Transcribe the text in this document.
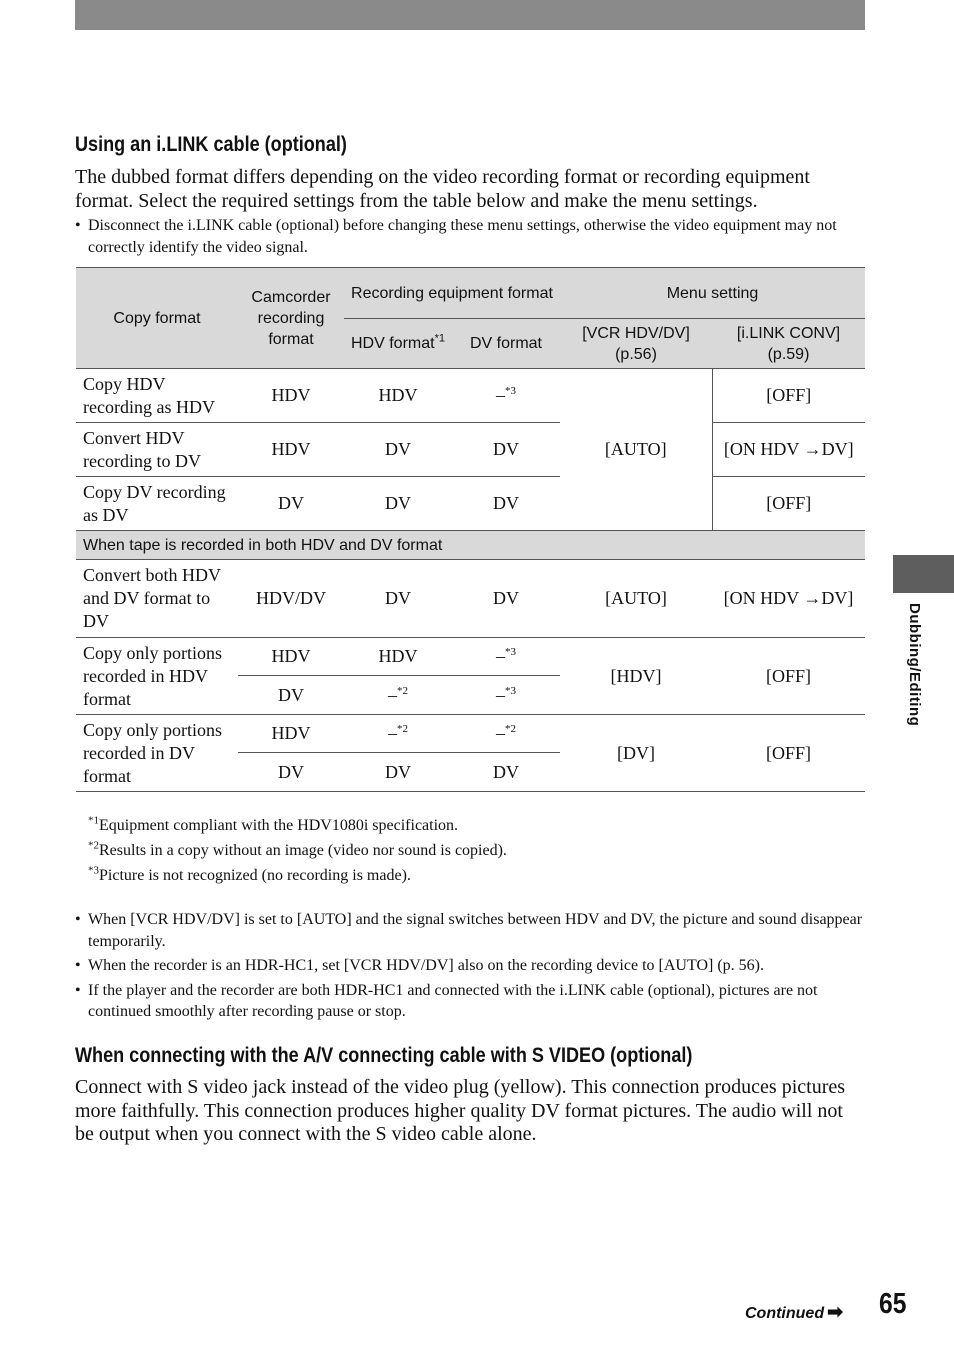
Dubbing/Editing
Using an i.LINK cable (optional)

The dubbed format differs depending on the video recording format or recording equipment format. Select the required settings from the table below and make the menu settings.

• Disconnect the i.LINK cable (optional) before changing these menu settings, otherwise the video equipment may not correctly identify the video signal.
Copy format	Camcorder recording format	Recording equipment format		Menu setting	
		HDV format$^{*1}$	DV format	[VCR HDV/DV] (p.56)	[i.LINK CONV] (p.59)
Copy HDV recording as HDV	HDV	HDV	–$^{*3}$	[AUTO]	[OFF]
Convert HDV recording to DV	HDV	DV	DV		[ON HDV →DV]
Copy DV recording as DV	DV	DV	DV		[OFF]
When tape is recorded in both HDV and DV format					
Convert both HDV and DV format to DV	HDV/DV	DV	DV	[AUTO]	[ON HDV →DV]
Copy only portions recorded in HDV format	HDV	HDV	–$^{*3}$	[HDV]	[OFF]
	DV	–$^{*2}$	–$^{*3}$
Copy only portions recorded in DV format	HDV	–$^{*2}$	–$^{*2}$	[DV]	[OFF]
	DV	DV	DV		
$^{*1}$Equipment compliant with the HDV1080i specification.
$^{*2}$Results in a copy without an image (video nor sound is copied).
$^{*3}$Picture is not recognized (no recording is made).
• When [VCR HDV/DV] is set to [AUTO] and the signal switches between HDV and DV, the picture and sound disappear temporarily.
• When the recorder is an HDR-HC1, set [VCR HDV/DV] also on the recording device to [AUTO] (p. 56).
• If the player and the recorder are both HDR-HC1 and connected with the i.LINK cable (optional), pictures are not continued smoothly after recording pause or stop.
When connecting with the A/V connecting cable with S VIDEO (optional)

Connect with S video jack instead of the video plug (yellow). This connection produces pictures more faithfully. This connection produces higher quality DV format pictures. The audio will not be output when you connect with the S video cable alone.

Continued ➡ 65
